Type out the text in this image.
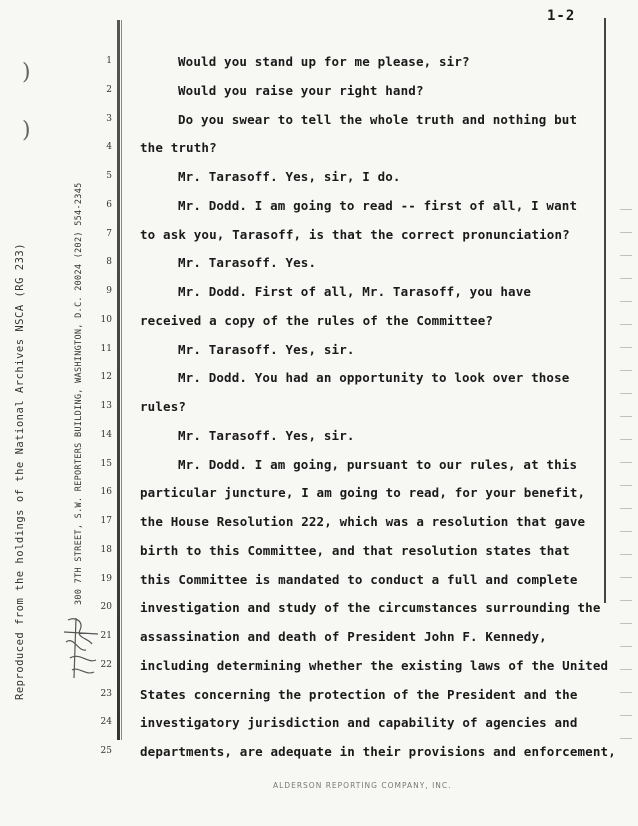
1-2
Reproduced from the holdings of the National Archives NSCA (RG 233)	300 7TH STREET, S.W. REPORTERS BUILDING, WASHINGTON, D.C. 20024 (202) 554-2345
)
)
1
2
3
4
5
6
7
8
9
10
11
12
13
14
15
16
17
18
19
20
21
22
23
24
25
Would you stand up for me please, sir?
Would you raise your right hand?
Do you swear to tell the whole truth and nothing but
the truth?
Mr. Tarasoff. Yes, sir, I do.
Mr. Dodd. I am going to read -- first of all, I want
to ask you, Tarasoff, is that the correct pronunciation?
Mr. Tarasoff. Yes.
Mr. Dodd. First of all, Mr. Tarasoff, you have
received a copy of the rules of the Committee?
Mr. Tarasoff. Yes, sir.
Mr. Dodd. You had an opportunity to look over those
rules?
Mr. Tarasoff. Yes, sir.
Mr. Dodd. I am going, pursuant to our rules, at this
particular juncture, I am going to read, for your benefit,
the House Resolution 222, which was a resolution that gave
birth to this Committee, and that resolution states that
this Committee is mandated to conduct a full and complete
investigation and study of the circumstances surrounding the
assassination and death of President John F. Kennedy,
including determining whether the existing laws of the United
States concerning the protection of the President and the
investigatory jurisdiction and capability of agencies and
departments, are adequate in their provisions and enforcement,
ALDERSON REPORTING COMPANY, INC.
